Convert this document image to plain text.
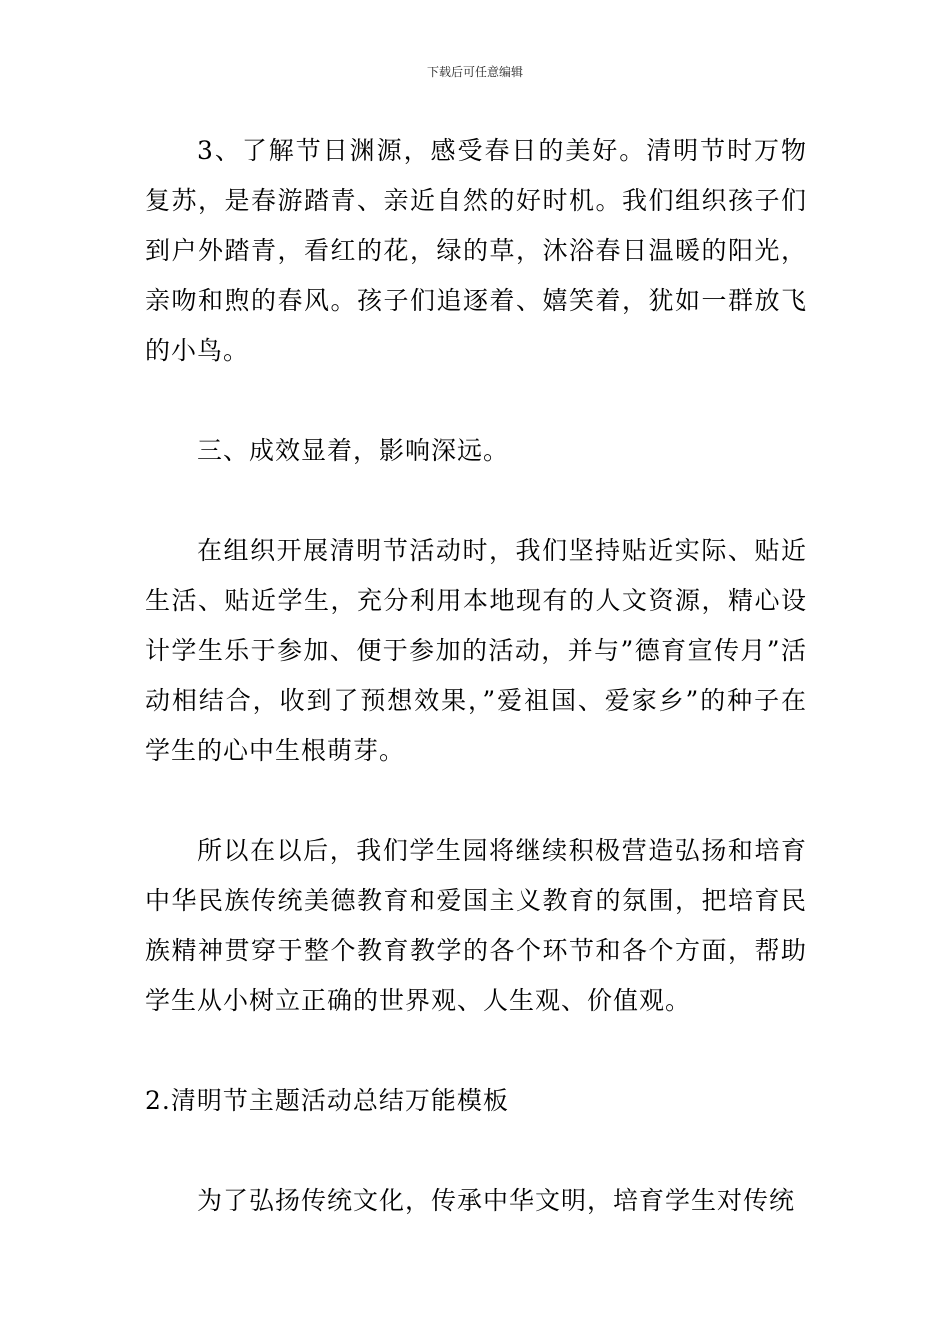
下载后可任意编辑

3、了解节日渊源，感受春日的美好。清明节时万物复苏，是春游踏青、亲近自然的好时机。我们组织孩子们到户外踏青，看红的花，绿的草，沐浴春日温暖的阳光，亲吻和煦的春风。孩子们追逐着、嬉笑着，犹如一群放飞的小鸟。

三、成效显着，影响深远。

在组织开展清明节活动时，我们坚持贴近实际、贴近生活、贴近学生，充分利用本地现有的人文资源，精心设计学生乐于参加、便于参加的活动，并与”德育宣传月”活动相结合，收到了预想效果，”爱祖国、爱家乡”的种子在学生的心中生根萌芽。

所以在以后，我们学生园将继续积极营造弘扬和培育中华民族传统美德教育和爱国主义教育的氛围，把培育民族精神贯穿于整个教育教学的各个环节和各个方面，帮助学生从小树立正确的世界观、人生观、价值观。

2.清明节主题活动总结万能模板

为了弘扬传统文化，传承中华文明，培育学生对传统
